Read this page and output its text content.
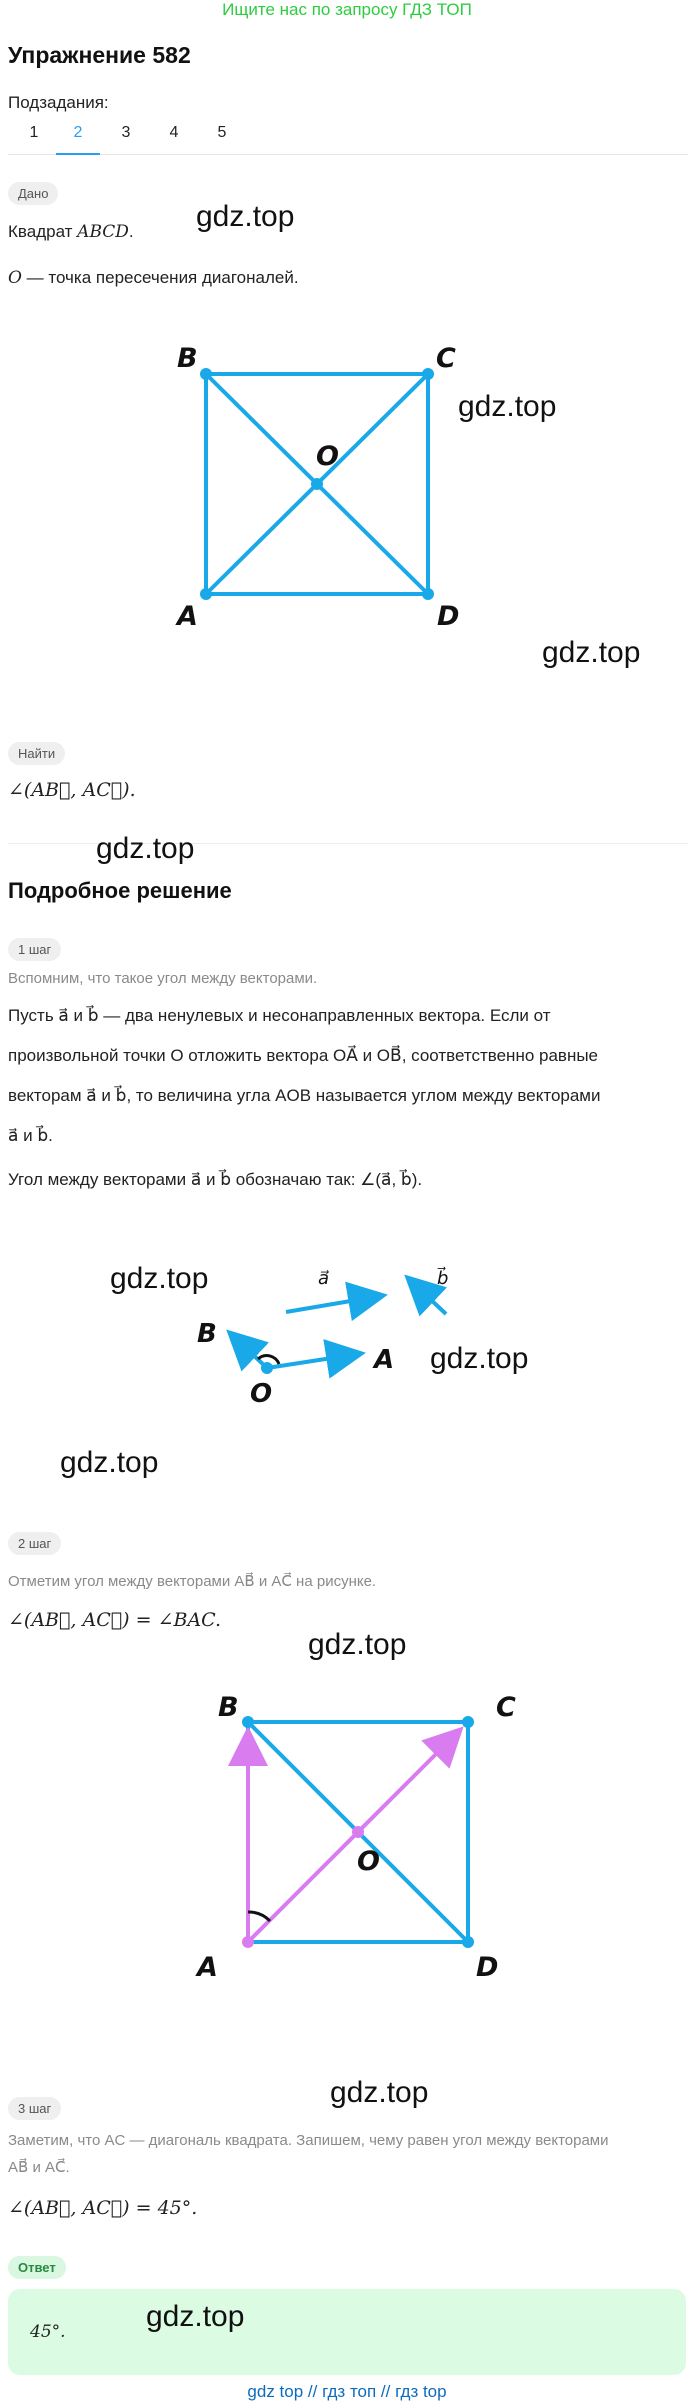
Ищите нас по запросу ГДЗ ТОП
Упражнение 582
Подзадания:
1	2	3	4	5
Дано
Квадрат ABCD.
O — точка пересечения диагоналей.
B	C
A	D
O
Найти
∠(AB⃗, AC⃗).
Подробное решение
1 шаг
Вспомним, что такое угол между векторами.
Пусть a⃗ и b⃗ — два ненулевых и несонаправленных вектора. Если от
произвольной точки O отложить вектора OA⃗ и OB⃗, соответственно равные
векторам a⃗ и b⃗, то величина угла AOB называется углом между векторами
a⃗ и b⃗.
Угол между векторами a⃗ и b⃗ обозначаю так: ∠(a⃗, b⃗).
a⃗	b⃗
B
A
O
2 шаг
Отметим угол между векторами AB⃗ и AC⃗ на рисунке.
∠(AB⃗, AC⃗) = ∠BAC.
B	C
A	D
O
3 шаг
Заметим, что AC — диагональ квадрата. Запишем, чему равен угол между векторами
AB⃗ и AC⃗.
∠(AB⃗, AC⃗) = 45°.
Ответ
45°.
gdz.top
gdz.top
gdz.top
gdz.top
gdz.top
gdz.top
gdz.top
gdz.top
gdz.top
gdz.top
gdz top // гдз топ // гдз top
